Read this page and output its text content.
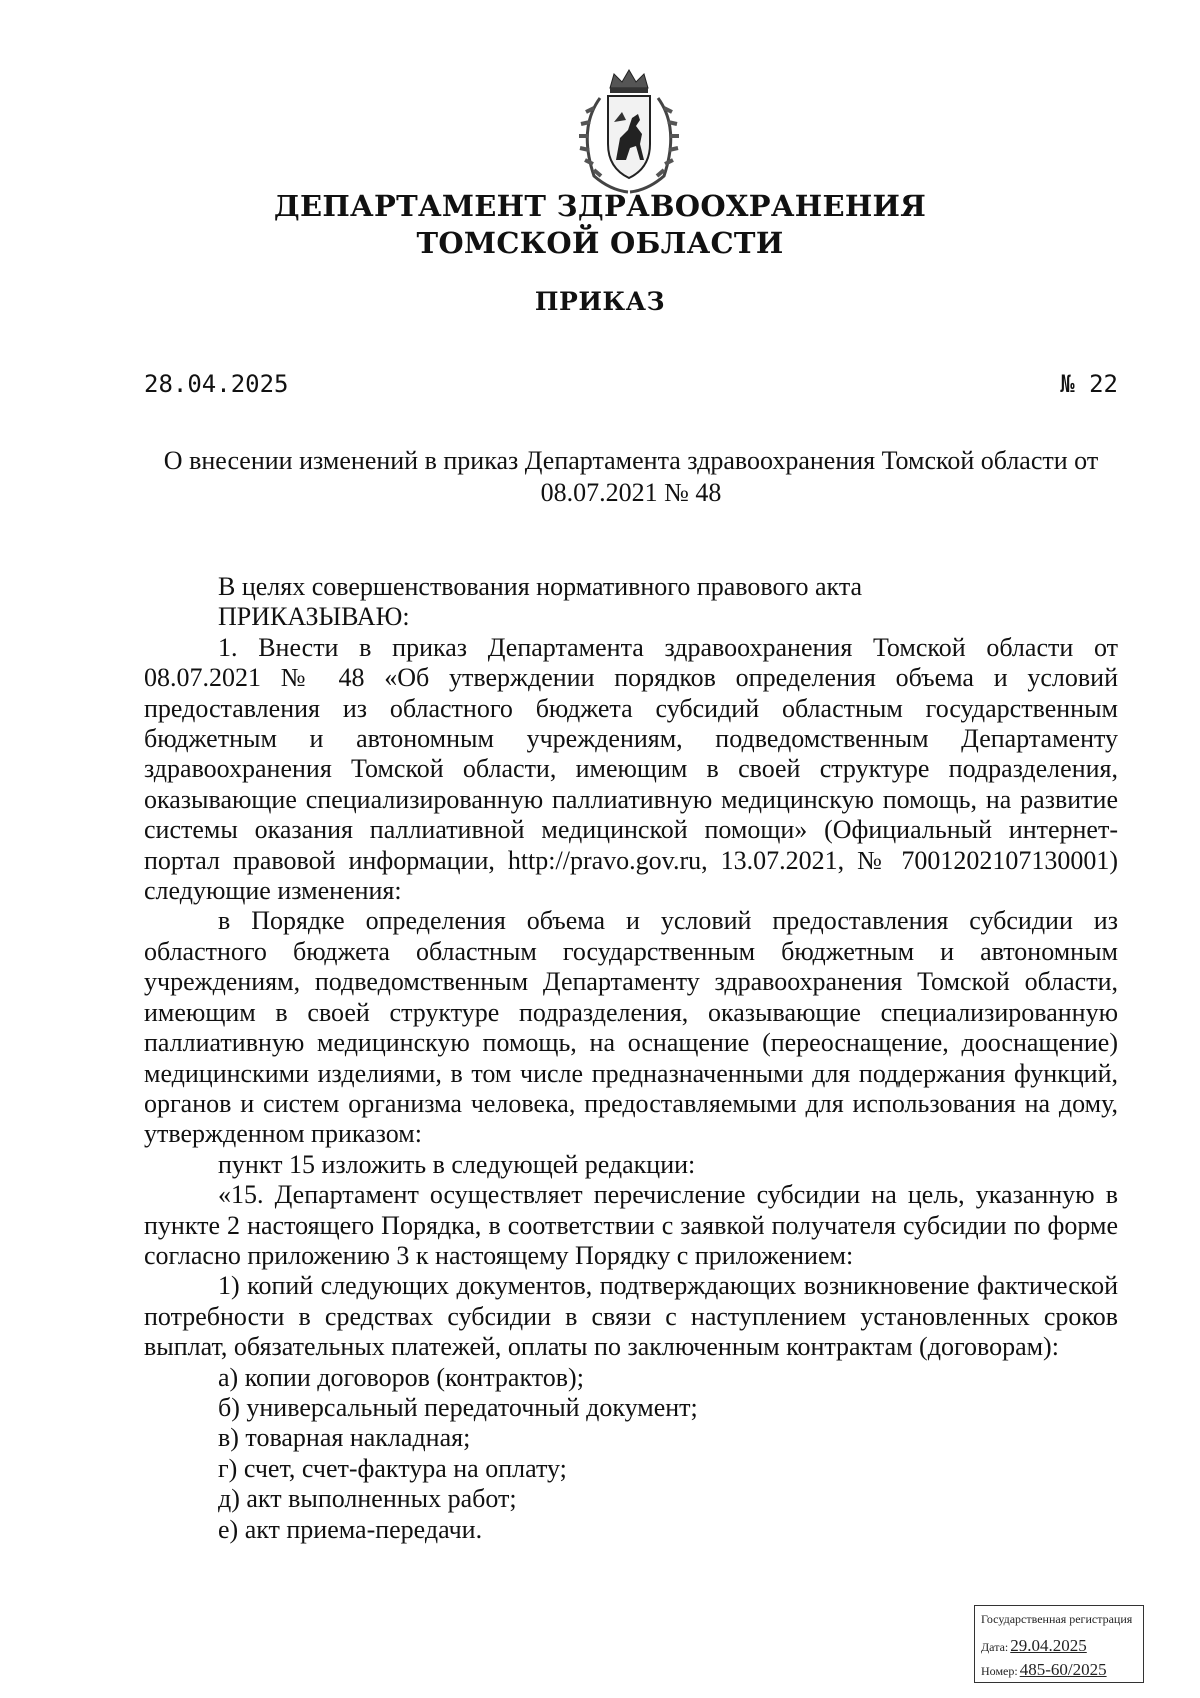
ДЕПАРТАМЕНТ ЗДРАВООХРАНЕНИЯ
ТОМСКОЙ ОБЛАСТИ
ПРИКАЗ
28.04.2025	№ 22
О внесении изменений в приказ Департамента здравоохранения Томской области от 08.07.2021 № 48

В целях совершенствования нормативного правового акта

ПРИКАЗЫВАЮ:

1. Внести в приказ Департамента здравоохранения Томской области от 08.07.2021 № 48 «Об утверждении порядков определения объема и условий предоставления из областного бюджета субсидий областным государственным бюджетным и автономным учреждениям, подведомственным Департаменту здравоохранения Томской области, имеющим в своей структуре подразделения, оказывающие специализированную паллиативную медицинскую помощь, на развитие системы оказания паллиативной медицинской помощи» (Официальный интернет-портал правовой информации, http://pravo.gov.ru, 13.07.2021, № 7001202107130001) следующие изменения:

в Порядке определения объема и условий предоставления субсидии из областного бюджета областным государственным бюджетным и автономным учреждениям, подведомственным Департаменту здравоохранения Томской области, имеющим в своей структуре подразделения, оказывающие специализированную паллиативную медицинскую помощь, на оснащение (переоснащение, дооснащение) медицинскими изделиями, в том числе предназначенными для поддержания функций, органов и систем организма человека, предоставляемыми для использования на дому, утвержденном приказом:

пункт 15 изложить в следующей редакции:

«15. Департамент осуществляет перечисление субсидии на цель, указанную в пункте 2 настоящего Порядка, в соответствии с заявкой получателя субсидии по форме согласно приложению 3 к настоящему Порядку с приложением:

1) копий следующих документов, подтверждающих возникновение фактической потребности в средствах субсидии в связи с наступлением установленных сроков выплат, обязательных платежей, оплаты по заключенным контрактам (договорам):

а) копии договоров (контрактов);

б) универсальный передаточный документ;

в) товарная накладная;

г) счет, счет-фактура на оплату;

д) акт выполненных работ;

е) акт приема-передачи.

Государственная регистрация
Дата: 29.04.2025
Номер: 485-60/2025
